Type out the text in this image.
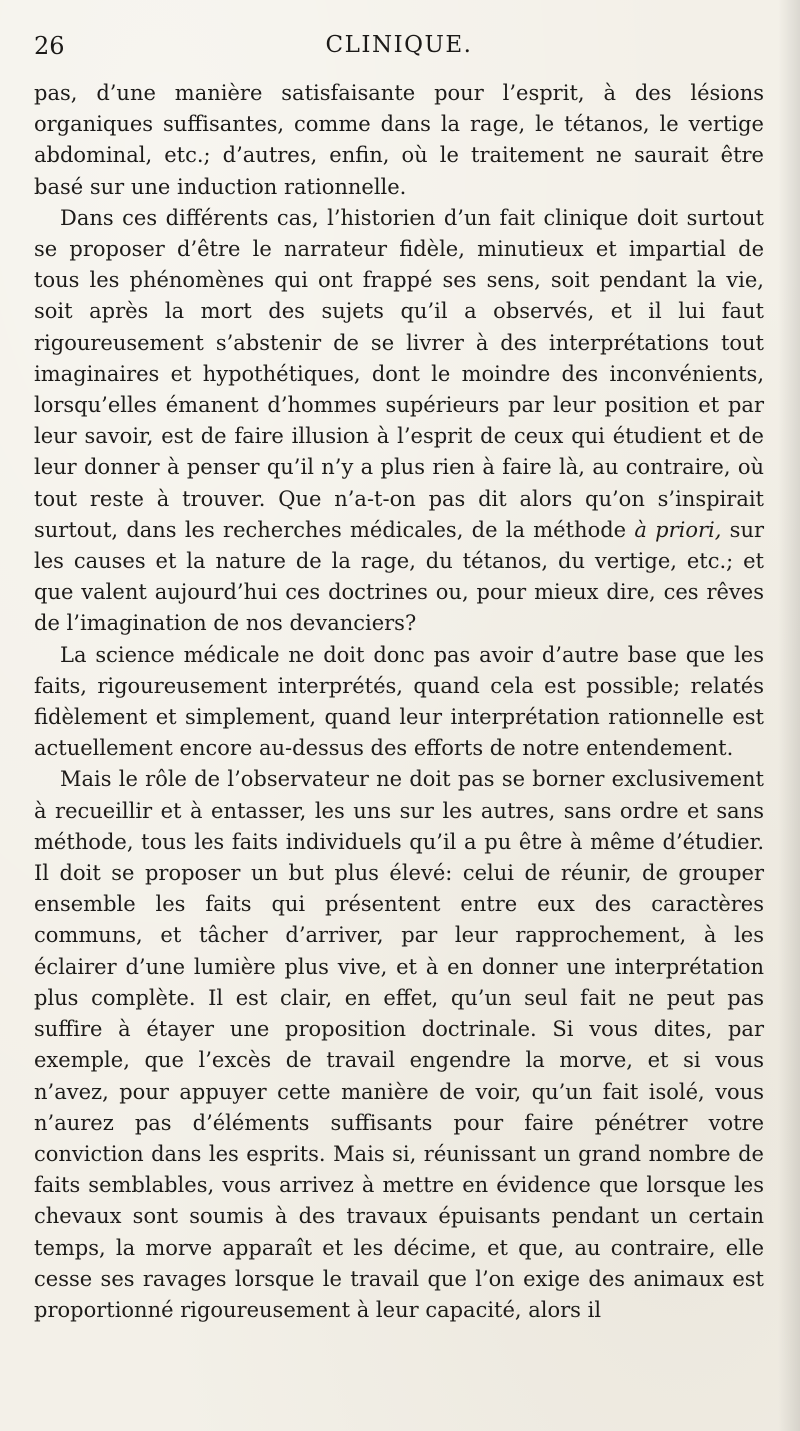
26	CLINIQUE.

pas, d’une manière satisfaisante pour l’esprit, à des lésions organiques suffisantes, comme dans la rage, le tétanos, le vertige abdominal, etc.; d’autres, enfin, où le traitement ne saurait être basé sur une induction rationnelle.

Dans ces différents cas, l’historien d’un fait clinique doit surtout se proposer d’être le narrateur fidèle, minutieux et impartial de tous les phénomènes qui ont frappé ses sens, soit pendant la vie, soit après la mort des sujets qu’il a observés, et il lui faut rigoureusement s’abstenir de se livrer à des interprétations tout imaginaires et hypothétiques, dont le moindre des inconvénients, lorsqu’elles émanent d’hommes supérieurs par leur position et par leur savoir, est de faire illusion à l’esprit de ceux qui étudient et de leur donner à penser qu’il n’y a plus rien à faire là, au contraire, où tout reste à trouver. Que n’a-t-on pas dit alors qu’on s’inspirait surtout, dans les recherches médicales, de la méthode à priori, sur les causes et la nature de la rage, du tétanos, du vertige, etc.; et que valent aujourd’hui ces doctrines ou, pour mieux dire, ces rêves de l’imagination de nos devanciers?

La science médicale ne doit donc pas avoir d’autre base que les faits, rigoureusement interprétés, quand cela est possible; relatés fidèlement et simplement, quand leur interprétation rationnelle est actuellement encore au-dessus des efforts de notre entendement.

Mais le rôle de l’observateur ne doit pas se borner exclusivement à recueillir et à entasser, les uns sur les autres, sans ordre et sans méthode, tous les faits individuels qu’il a pu être à même d’étudier. Il doit se proposer un but plus élevé: celui de réunir, de grouper ensemble les faits qui présentent entre eux des caractères communs, et tâcher d’arriver, par leur rapprochement, à les éclairer d’une lumière plus vive, et à en donner une interprétation plus complète. Il est clair, en effet, qu’un seul fait ne peut pas suffire à étayer une proposition doctrinale. Si vous dites, par exemple, que l’excès de travail engendre la morve, et si vous n’avez, pour appuyer cette manière de voir, qu’un fait isolé, vous n’aurez pas d’éléments suffisants pour faire pénétrer votre conviction dans les esprits. Mais si, réunissant un grand nombre de faits semblables, vous arrivez à mettre en évidence que lorsque les chevaux sont soumis à des travaux épuisants pendant un certain temps, la morve apparaît et les décime, et que, au contraire, elle cesse ses ravages lorsque le travail que l’on exige des animaux est proportionné rigoureusement à leur capacité, alors il
